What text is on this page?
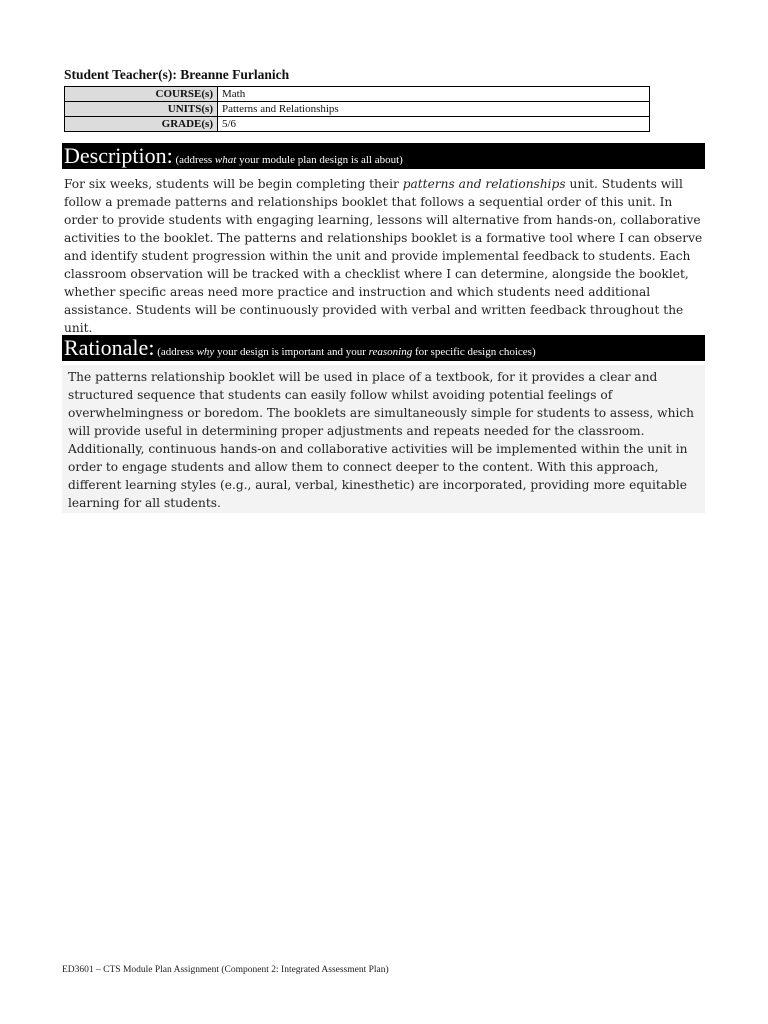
Student Teacher(s): Breanne Furlanich
COURSE(s)	Math
UNITS(s)	Patterns and Relationships
GRADE(s)	5/6
Description: (address what your module plan design is all about)
For six weeks, students will be begin completing their patterns and relationships unit. Students will follow a premade patterns and relationships booklet that follows a sequential order of this unit. In order to provide students with engaging learning, lessons will alternative from hands-on, collaborative activities to the booklet. The patterns and relationships booklet is a formative tool where I can observe and identify student progression within the unit and provide implemental feedback to students. Each classroom observation will be tracked with a checklist where I can determine, alongside the booklet, whether specific areas need more practice and instruction and which students need additional assistance. Students will be continuously provided with verbal and written feedback throughout the unit.
Rationale: (address why your design is important and your reasoning for specific design choices)
The patterns relationship booklet will be used in place of a textbook, for it provides a clear and structured sequence that students can easily follow whilst avoiding potential feelings of overwhelmingness or boredom. The booklets are simultaneously simple for students to assess, which will provide useful in determining proper adjustments and repeats needed for the classroom.
Additionally, continuous hands-on and collaborative activities will be implemented within the unit in order to engage students and allow them to connect deeper to the content. With this approach, different learning styles (e.g., aural, verbal, kinesthetic) are incorporated, providing more equitable learning for all students.
ED3601 – CTS Module Plan Assignment (Component 2: Integrated Assessment Plan)
